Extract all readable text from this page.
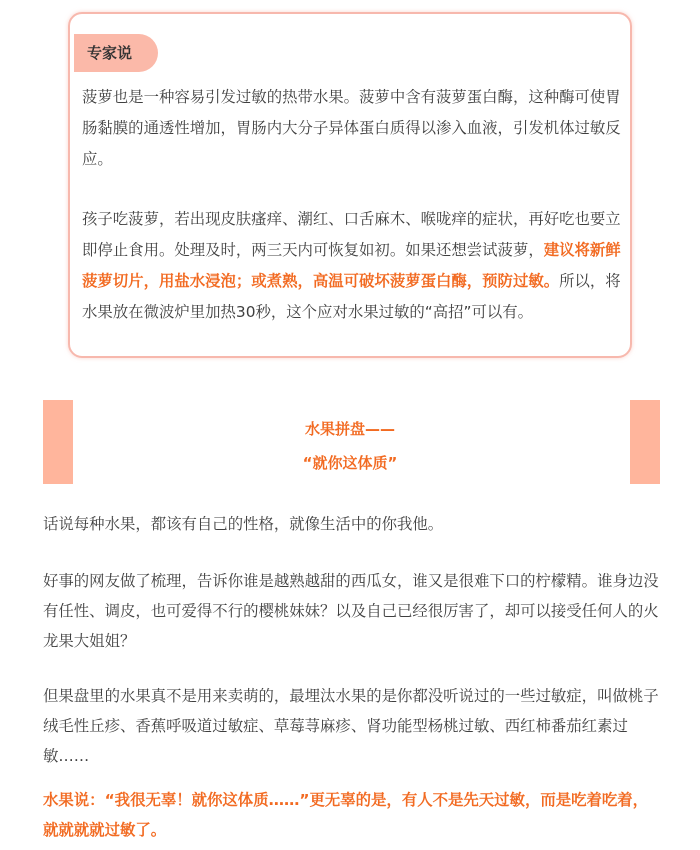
专家说

菠萝也是一种容易引发过敏的热带水果。菠萝中含有菠萝蛋白酶，这种酶可使胃肠黏膜的通透性增加，胃肠内大分子异体蛋白质得以渗入血液，引发机体过敏反应。

孩子吃菠萝，若出现皮肤瘙痒、潮红、口舌麻木、喉咙痒的症状，再好吃也要立即停止食用。处理及时，两三天内可恢复如初。如果还想尝试菠萝，建议将新鲜菠萝切片，用盐水浸泡；或煮熟，高温可破坏菠萝蛋白酶，预防过敏。所以，将水果放在微波炉里加热30秒，这个应对水果过敏的“高招”可以有。

水果拼盘——
“就你这体质”

话说每种水果，都该有自己的性格，就像生活中的你我他。

好事的网友做了梳理，告诉你谁是越熟越甜的西瓜女，谁又是很难下口的柠檬精。谁身边没有任性、调皮，也可爱得不行的樱桃妹妹？以及自己已经很厉害了，却可以接受任何人的火龙果大姐姐？

但果盘里的水果真不是用来卖萌的，最埋汰水果的是你都没听说过的一些过敏症，叫做桃子绒毛性丘疹、香蕉呼吸道过敏症、草莓荨麻疹、肾功能型杨桃过敏、西红柿番茄红素过敏……

水果说：“我很无辜！就你这体质……”更无辜的是，有人不是先天过敏，而是吃着吃着，就就就就过敏了。
